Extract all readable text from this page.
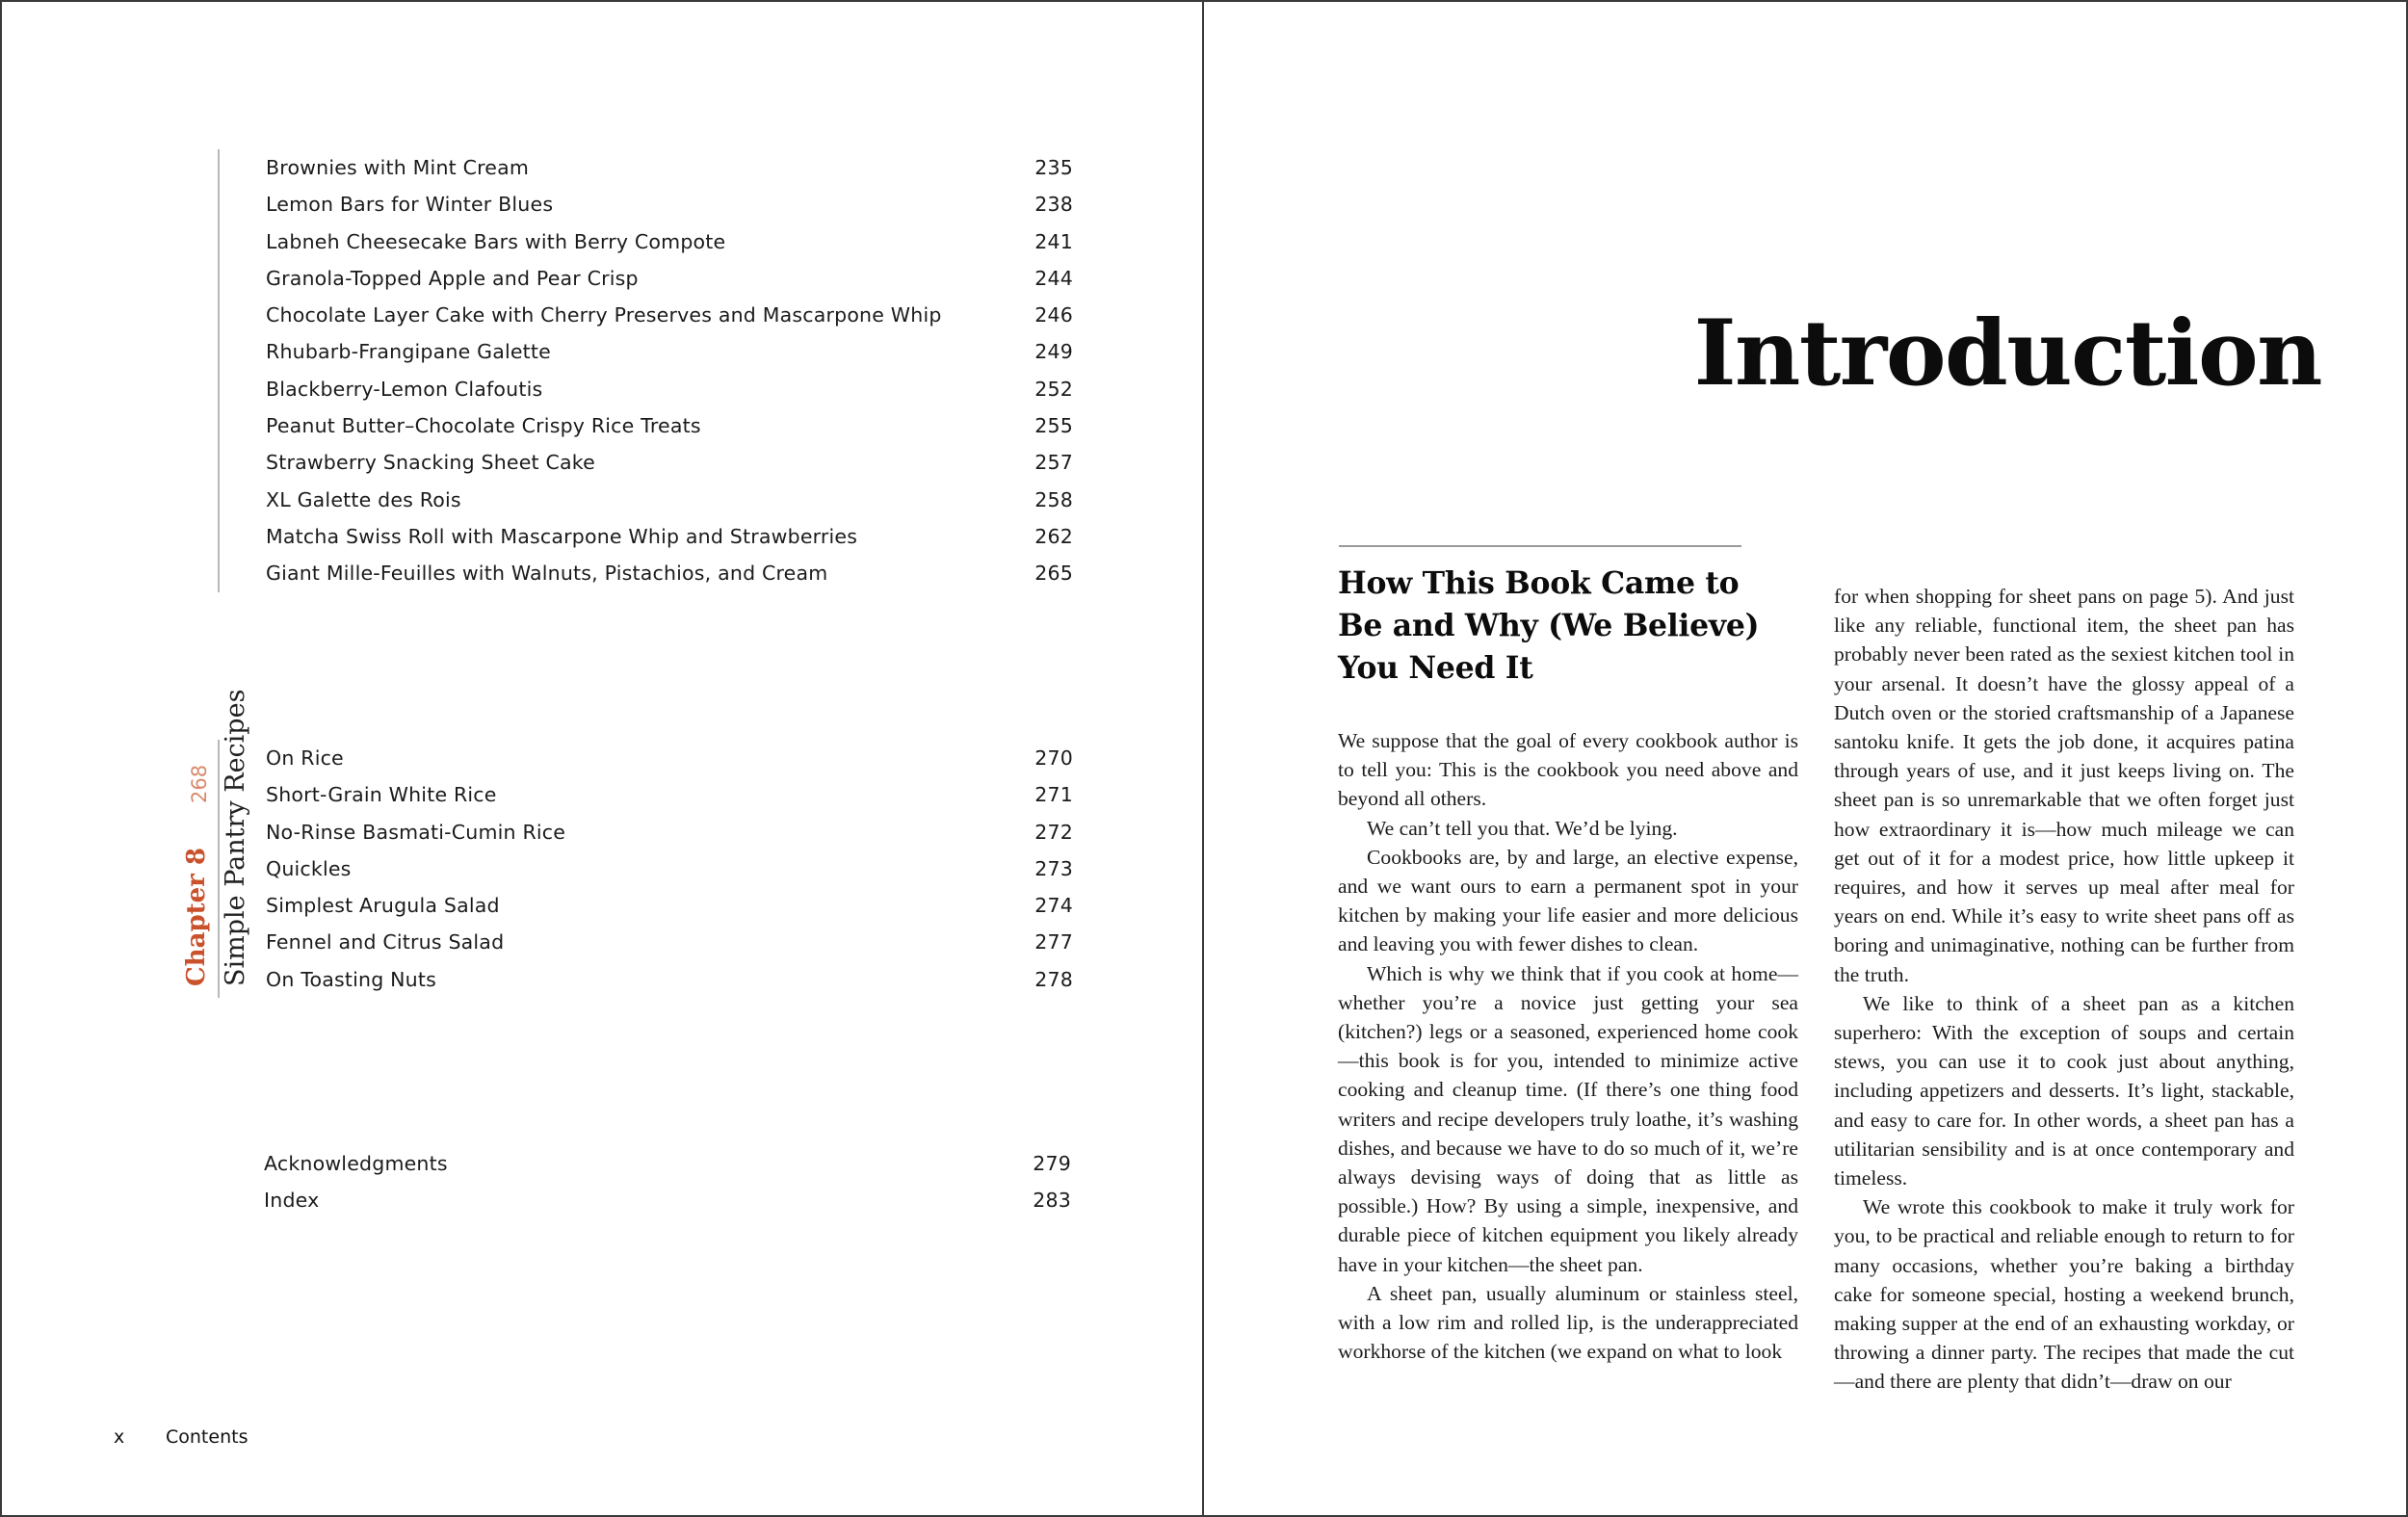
Brownies with Mint Cream	235
Lemon Bars for Winter Blues	238
Labneh Cheesecake Bars with Berry Compote	241
Granola-Topped Apple and Pear Crisp	244
Chocolate Layer Cake with Cherry Preserves and Mascarpone Whip	246
Rhubarb-Frangipane Galette	249
Blackberry-Lemon Clafoutis	252
Peanut Butter–Chocolate Crispy Rice Treats	255
Strawberry Snacking Sheet Cake	257
XL Galette des Rois	258
Matcha Swiss Roll with Mascarpone Whip and Strawberries	262
Giant Mille-Feuilles with Walnuts, Pistachios, and Cream	265
On Rice	270
Short-Grain White Rice	271
No-Rinse Basmati-Cumin Rice	272
Quickles	273
Simplest Arugula Salad	274
Fennel and Citrus Salad	277
On Toasting Nuts	278
Acknowledgments	279
Index	283
Chapter 8
268 Simple Pantry Recipes
x Contents
Introduction
How This Book Came to Be and Why (We Believe) You Need It

We suppose that the goal of every cookbook author is to tell you: This is the cookbook you need above and beyond all others.

We can’t tell you that. We’d be lying.

Cookbooks are, by and large, an elective expense, and we want ours to earn a permanent spot in your kitchen by making your life easier and more delicious and leaving you with fewer dishes to clean.

Which is why we think that if you cook at home—whether you’re a novice just getting your sea (kitchen?) legs or a seasoned, experienced home cook—this book is for you, intended to minimize active cooking and cleanup time. (If there’s one thing food writers and recipe developers truly loathe, it’s washing dishes, and because we have to do so much of it, we’re always devising ways of doing that as little as possible.) How? By using a simple, inexpensive, and durable piece of kitchen equipment you likely already have in your kitchen—the sheet pan.

A sheet pan, usually aluminum or stainless steel, with a low rim and rolled lip, is the underappreciated workhorse of the kitchen (we expand on what to look

for when shopping for sheet pans on page 5). And just like any reliable, functional item, the sheet pan has probably never been rated as the sexiest kitchen tool in your arsenal. It doesn’t have the glossy appeal of a Dutch oven or the storied craftsmanship of a Japanese santoku knife. It gets the job done, it acquires patina through years of use, and it just keeps living on. The sheet pan is so unremarkable that we often forget just how extraordinary it is—how much mileage we can get out of it for a modest price, how little upkeep it requires, and how it serves up meal after meal for years on end. While it’s easy to write sheet pans off as boring and unimaginative, nothing can be further from the truth.

We like to think of a sheet pan as a kitchen superhero: With the exception of soups and certain stews, you can use it to cook just about anything, including appetizers and desserts. It’s light, stackable, and easy to care for. In other words, a sheet pan has a utilitarian sensibility and is at once contemporary and timeless.

We wrote this cookbook to make it truly work for you, to be practical and reliable enough to return to for many occasions, whether you’re baking a birthday cake for someone special, hosting a weekend brunch, making supper at the end of an exhausting workday, or throwing a dinner party. The recipes that made the cut—and there are plenty that didn’t—draw on our
